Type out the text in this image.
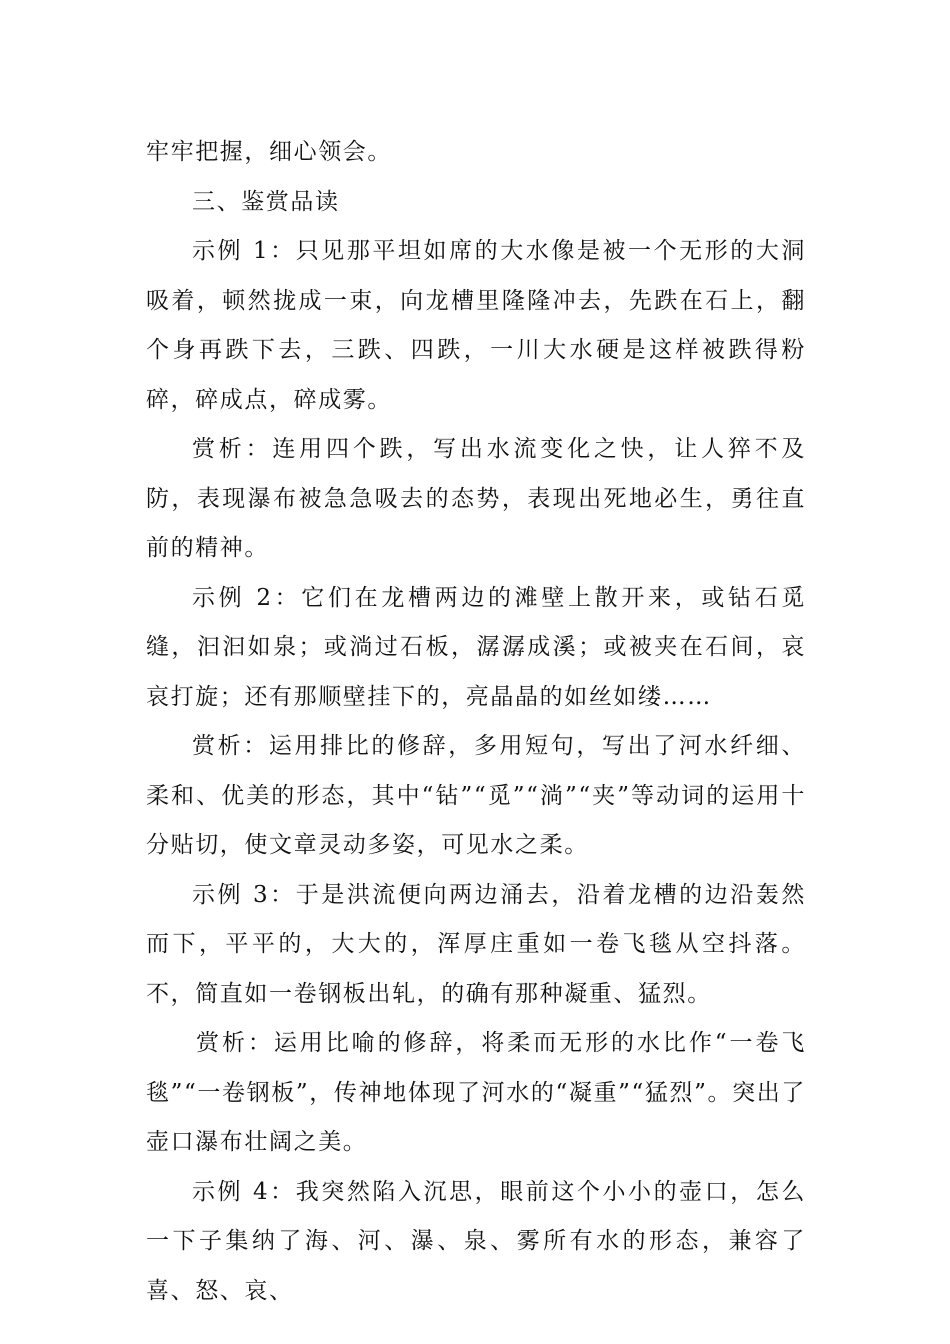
牢牢把握，细心领会。

三、鉴赏品读

示例 1：只见那平坦如席的大水像是被一个无形的大洞吸着，顿然拢成一束，向龙槽里隆隆冲去，先跌在石上，翻个身再跌下去，三跌、四跌，一川大水硬是这样被跌得粉碎，碎成点，碎成雾。

赏析：连用四个跌，写出水流变化之快，让人猝不及防，表现瀑布被急急吸去的态势，表现出死地必生，勇往直前的精神。

示例 2：它们在龙槽两边的滩壁上散开来，或钻石觅缝，汩汩如泉；或淌过石板，潺潺成溪；或被夹在石间，哀哀打旋；还有那顺壁挂下的，亮晶晶的如丝如缕……

赏析：运用排比的修辞，多用短句，写出了河水纤细、柔和、优美的形态，其中“钻”“觅”“淌”“夹”等动词的运用十分贴切，使文章灵动多姿，可见水之柔。

示例 3：于是洪流便向两边涌去，沿着龙槽的边沿轰然而下，平平的，大大的，浑厚庄重如一卷飞毯从空抖落。不，简直如一卷钢板出轧，的确有那种凝重、猛烈。

赏析：运用比喻的修辞，将柔而无形的水比作“一卷飞毯”“一卷钢板”，传神地体现了河水的“凝重”“猛烈”。突出了壶口瀑布壮阔之美。

示例 4：我突然陷入沉思，眼前这个小小的壶口，怎么一下子集纳了海、河、瀑、泉、雾所有水的形态，兼容了喜、怒、哀、
